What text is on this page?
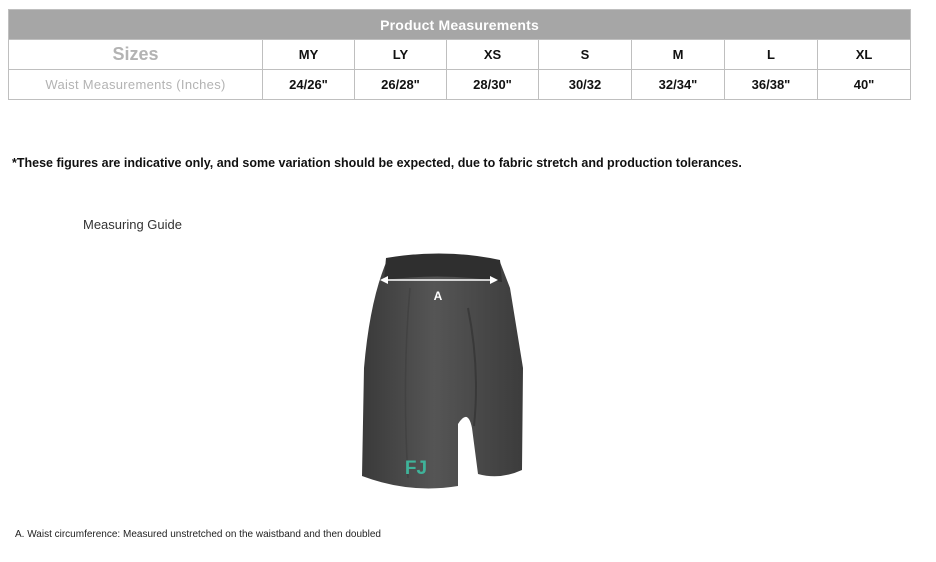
Product Measurements							
Sizes	MY	LY	XS	S	M	L	XL
Waist Measurements (Inches)	24/26"	26/28"	28/30"	30/32	32/34"	36/38"	40"
*These figures are indicative only, and some variation should be expected, due to fabric stretch and production tolerances.
Measuring Guide
A
FJ
A. Waist circumference: Measured unstretched on the waistband and then doubled
